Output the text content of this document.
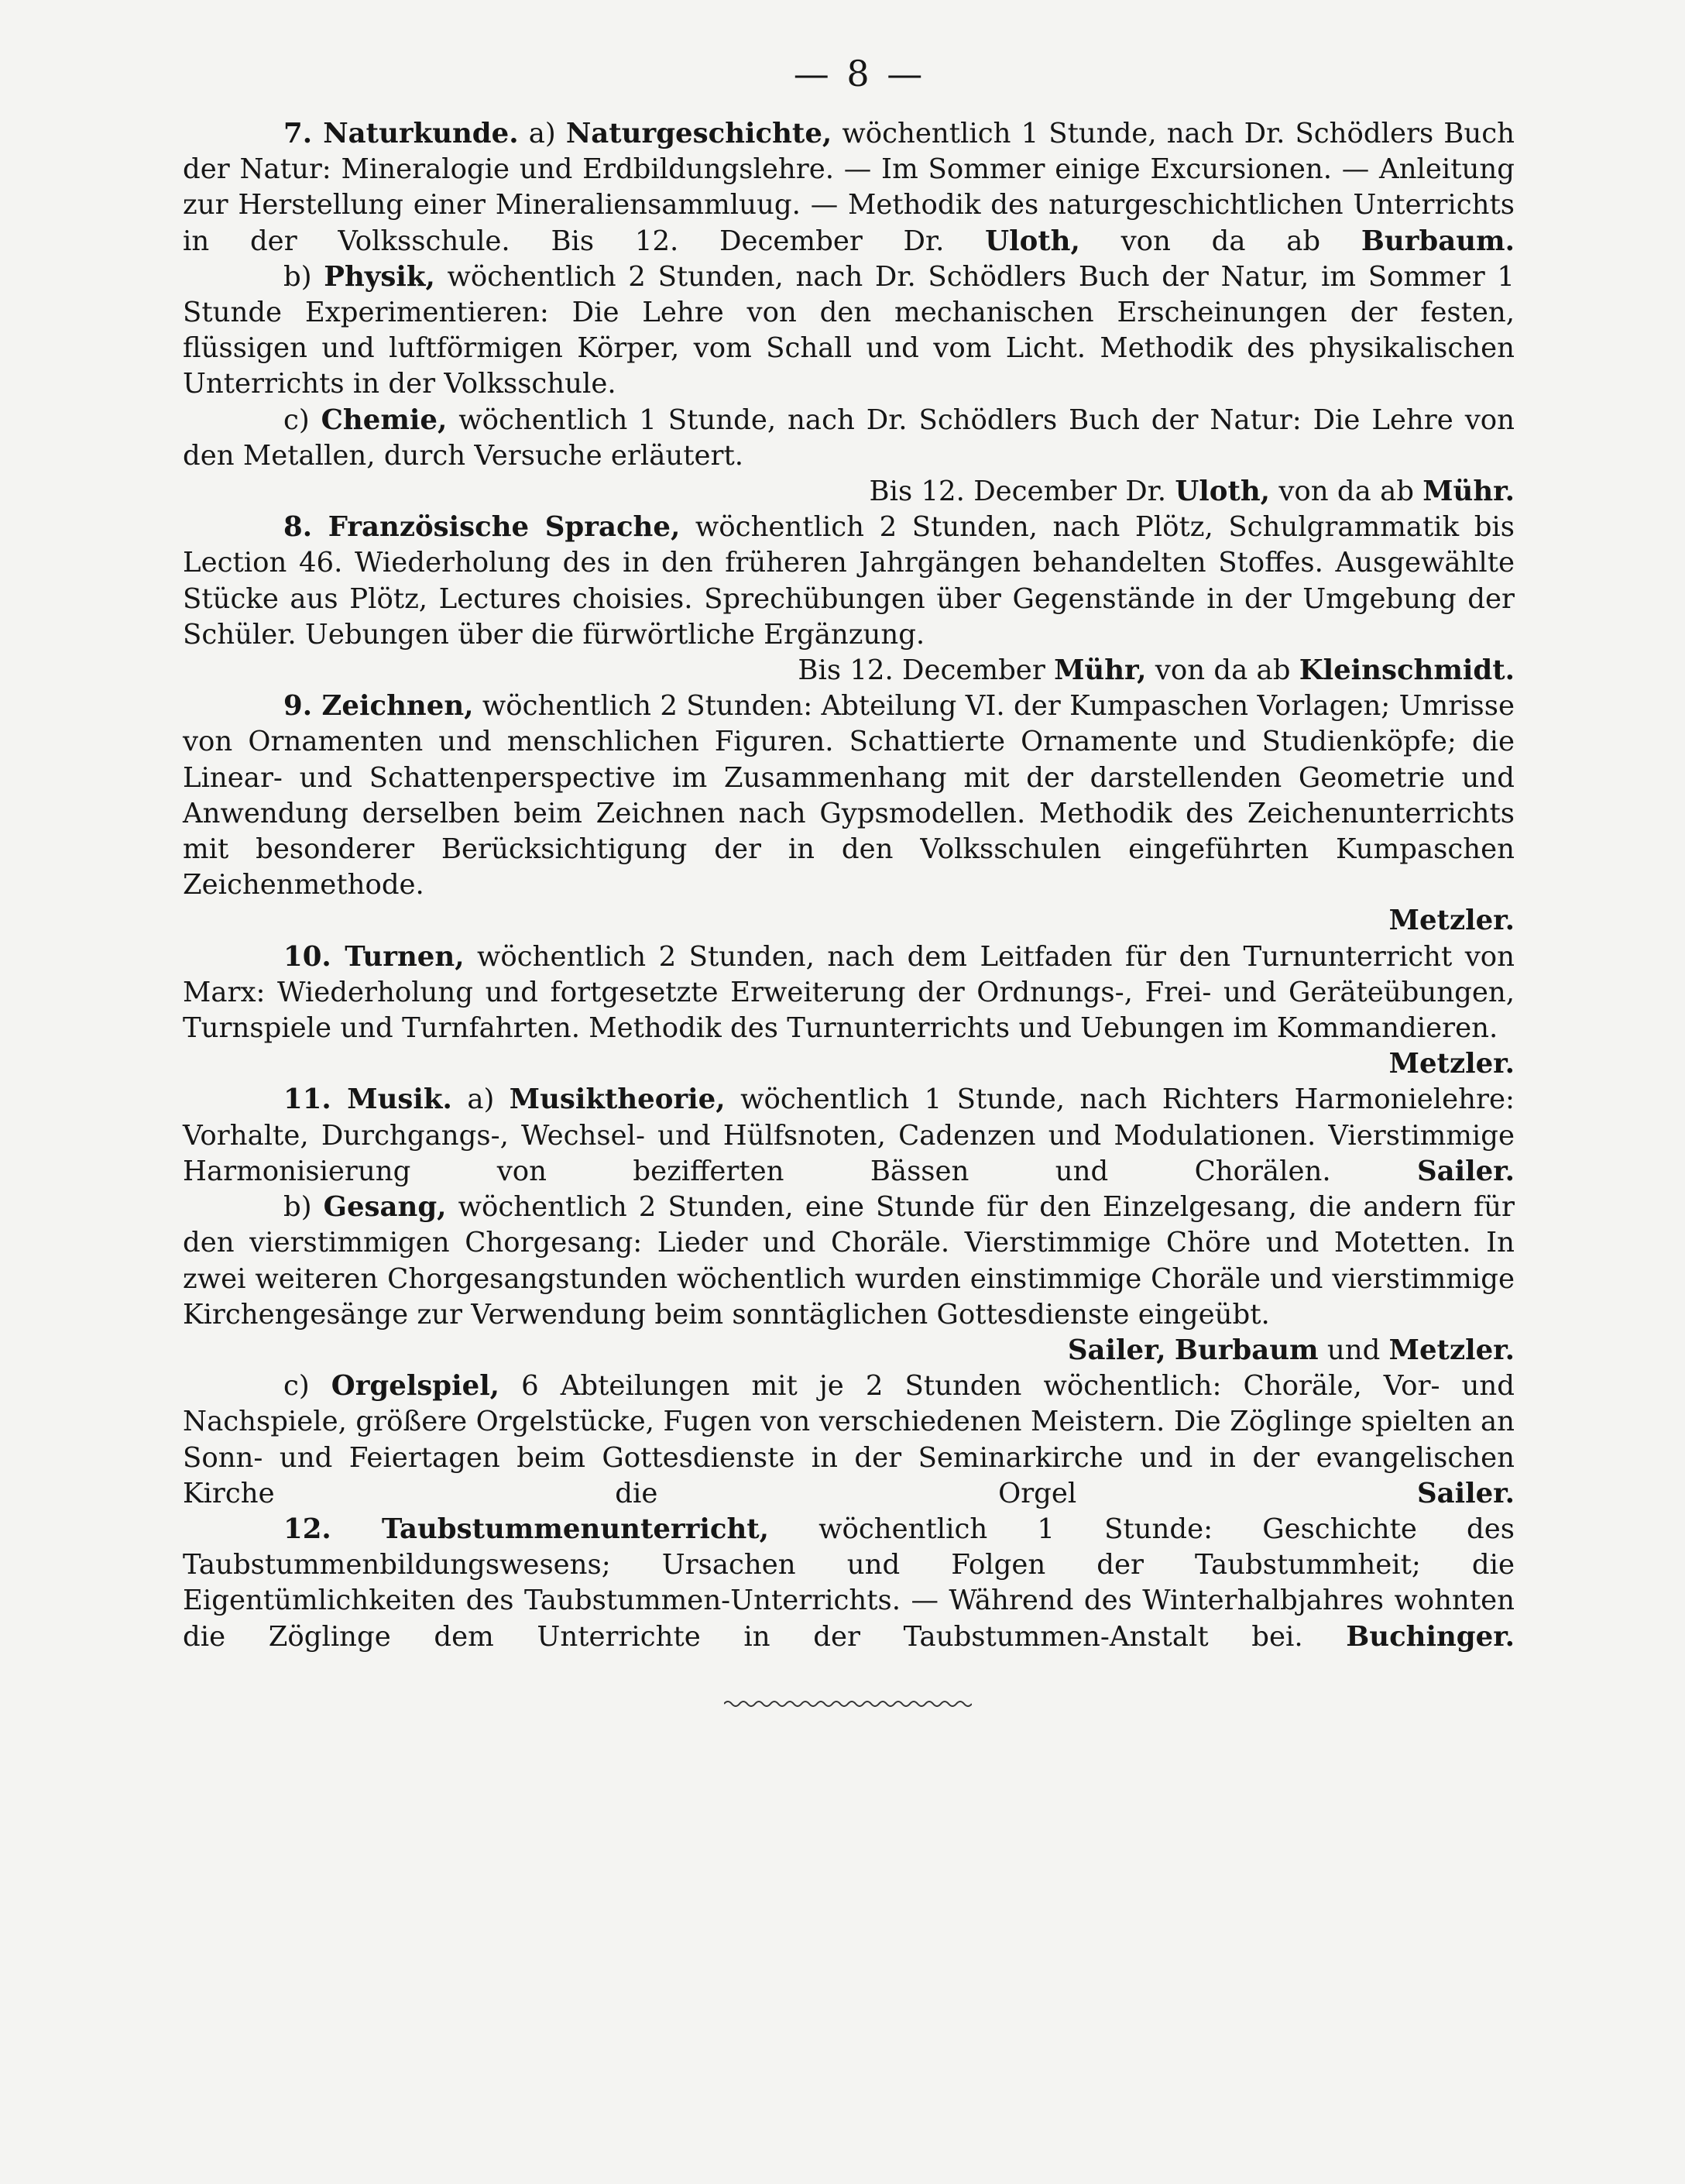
— 8 —

7. Naturkunde. a) Naturgeschichte, wöchentlich 1 Stunde, nach Dr. Schödlers Buch der Natur: Mineralogie und Erdbildungslehre. — Im Sommer einige Excursionen. — Anleitung zur Herstellung einer Mineraliensammluug. — Methodik des naturgeschichtlichen Unterrichts in der Volksschule. Bis 12. December Dr. Uloth, von da ab Burbaum.

b) Physik, wöchentlich 2 Stunden, nach Dr. Schödlers Buch der Natur, im Sommer 1 Stunde Experimentieren: Die Lehre von den mechanischen Erscheinungen der festen, flüssigen und luftförmigen Körper, vom Schall und vom Licht. Methodik des physikalischen Unterrichts in der Volksschule.

c) Chemie, wöchentlich 1 Stunde, nach Dr. Schödlers Buch der Natur: Die Lehre von den Metallen, durch Versuche erläutert.

Bis 12. December Dr. Uloth, von da ab Mühr.

8. Französische Sprache, wöchentlich 2 Stunden, nach Plötz, Schulgrammatik bis Lection 46. Wiederholung des in den früheren Jahrgängen behandelten Stoffes. Ausgewählte Stücke aus Plötz, Lectures choisies. Sprechübungen über Gegenstände in der Umgebung der Schüler. Uebungen über die fürwörtliche Ergänzung.

Bis 12. December Mühr, von da ab Kleinschmidt.

9. Zeichnen, wöchentlich 2 Stunden: Abteilung VI. der Kumpaschen Vorlagen; Umrisse von Ornamenten und menschlichen Figuren. Schattierte Ornamente und Studienköpfe; die Linear- und Schattenperspective im Zusammenhang mit der darstellenden Geometrie und Anwendung derselben beim Zeichnen nach Gypsmodellen. Methodik des Zeichenunterrichts mit besonderer Berücksichtigung der in den Volksschulen eingeführten Kumpaschen Zeichenmethode.

Metzler.

10. Turnen, wöchentlich 2 Stunden, nach dem Leitfaden für den Turnunterricht von Marx: Wiederholung und fortgesetzte Erweiterung der Ordnungs-, Frei- und Geräteübungen, Turnspiele und Turnfahrten. Methodik des Turnunterrichts und Uebungen im Kommandieren.

Metzler.

11. Musik. a) Musiktheorie, wöchentlich 1 Stunde, nach Richters Harmonielehre: Vorhalte, Durchgangs-, Wechsel- und Hülfsnoten, Cadenzen und Modulationen. Vierstimmige Harmonisierung von bezifferten Bässen und Chorälen.	Sailer.

b) Gesang, wöchentlich 2 Stunden, eine Stunde für den Einzelgesang, die andern für den vierstimmigen Chorgesang: Lieder und Choräle. Vierstimmige Chöre und Motetten. In zwei weiteren Chorgesangstunden wöchentlich wurden einstimmige Choräle und vierstimmige Kirchengesänge zur Verwendung beim sonntäglichen Gottesdienste eingeübt.

Sailer, Burbaum und Metzler.

c) Orgelspiel, 6 Abteilungen mit je 2 Stunden wöchentlich: Choräle, Vor- und Nachspiele, größere Orgelstücke, Fugen von verschiedenen Meistern. Die Zöglinge spielten an Sonn- und Feiertagen beim Gottesdienste in der Seminarkirche und in der evangelischen Kirche die Orgel	Sailer.

12. Taubstummenunterricht, wöchentlich 1 Stunde: Geschichte des Taubstummenbildungswesens; Ursachen und Folgen der Taubstummheit; die Eigentümlichkeiten des Taubstummen-Unterrichts. — Während des Winterhalbjahres wohnten die Zöglinge dem Unterrichte in der Taubstummen-Anstalt bei. Buchinger.
